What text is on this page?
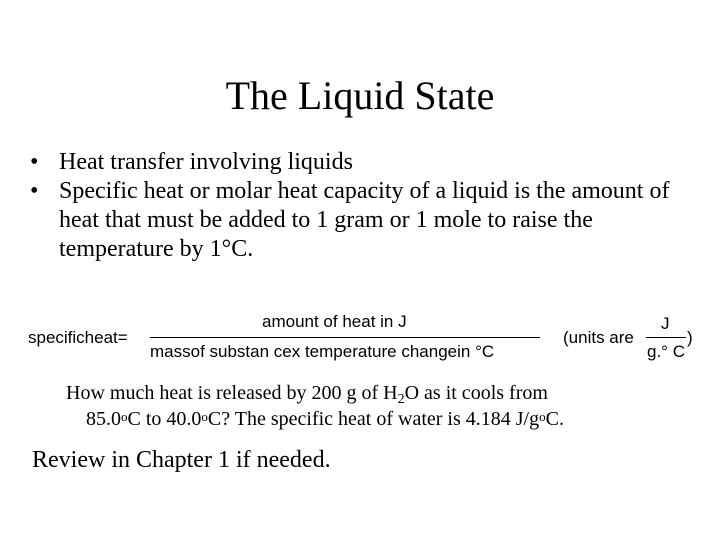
The Liquid State
• Heat transfer involving liquids
• Specific heat or molar heat capacity of a liquid is the amount of heat that must be added to 1 gram or 1 mole to raise the temperature by 1°C.
specificheat=
amount of heat in J
massof substan cex temperature changein °C
(units are
J
g.° C
)
How much heat is released by 200 g of $H_2O$ as it cools from
85.0$^o$C to 40.0$^o$C? The specific heat of water is 4.184 $J/g^oC$.
Review in Chapter 1 if needed.
